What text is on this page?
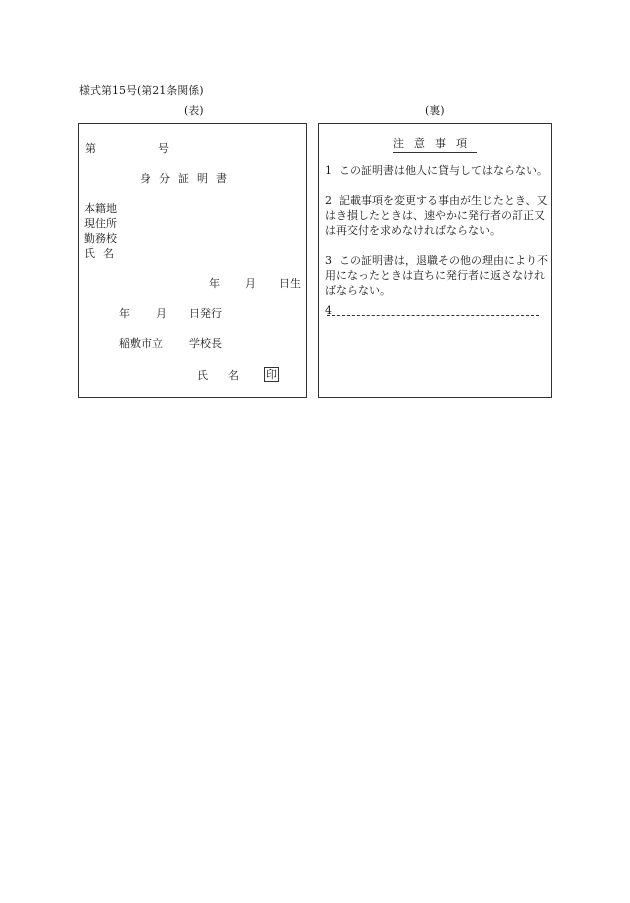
様式第15号(第21条関係)
(表)	(裏)
第	号
身分証明書
本籍地
現住所
勤務校
氏名
年 月 日生
年 月 日発行
稲敷市立 学校長
氏名 印
注意事項
1 この証明書は他人に貸与してはならない。
2 記載事項を変更する事由が生じたとき、又はき損したときは、速やかに発行者の訂正又は再交付を求めなければならない。
3 この証明書は，退職その他の理由により不用になったときは直ちに発行者に返さなければならない。
4
